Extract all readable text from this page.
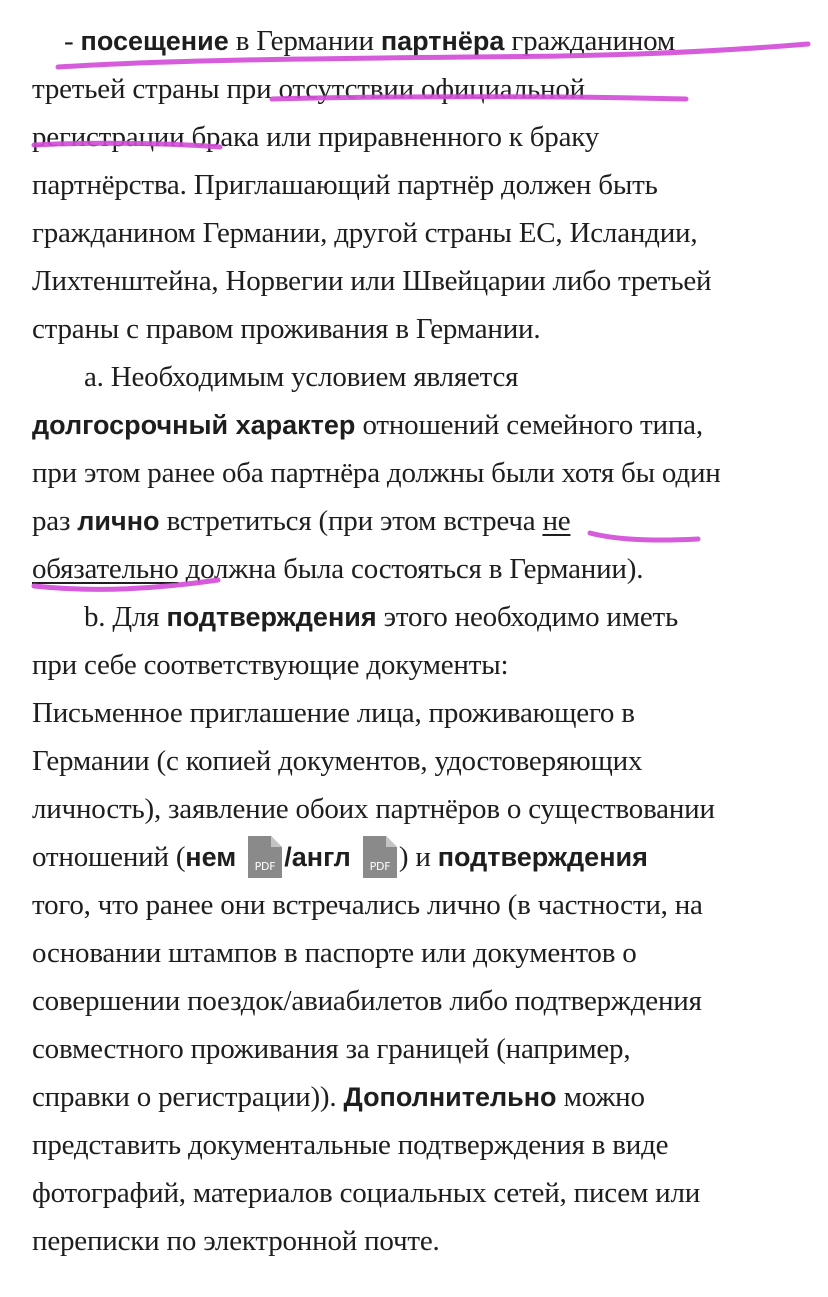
- посещение в Германии партнёра гражданином
третьей страны при отсутствии официальной
регистрации брака или приравненного к браку
партнёрства. Приглашающий партнёр должен быть
гражданином Германии, другой страны ЕС, Исландии,
Лихтенштейна, Норвегии или Швейцарии либо третьей
страны с правом проживания в Германии.
a. Необходимым условием является
долгосрочный характер отношений семейного типа,
при этом ранее оба партнёра должны были хотя бы один
раз лично встретиться (при этом встреча не
обязательно должна была состояться в Германии).
b. Для подтверждения этого необходимо иметь
при себе соответствующие документы:
Письменное приглашение лица, проживающего в
Германии (с копией документов, удостоверяющих
личность), заявление обоих партнёров о существовании
отношений (нем PDF /англ PDF ) и подтверждения
того, что ранее они встречались лично (в частности, на
основании штампов в паспорте или документов о
совершении поездок/авиабилетов либо подтверждения
совместного проживания за границей (например,
справки о регистрации)). Дополнительно можно
представить документальные подтверждения в виде
фотографий, материалов социальных сетей, писем или
переписки по электронной почте.
